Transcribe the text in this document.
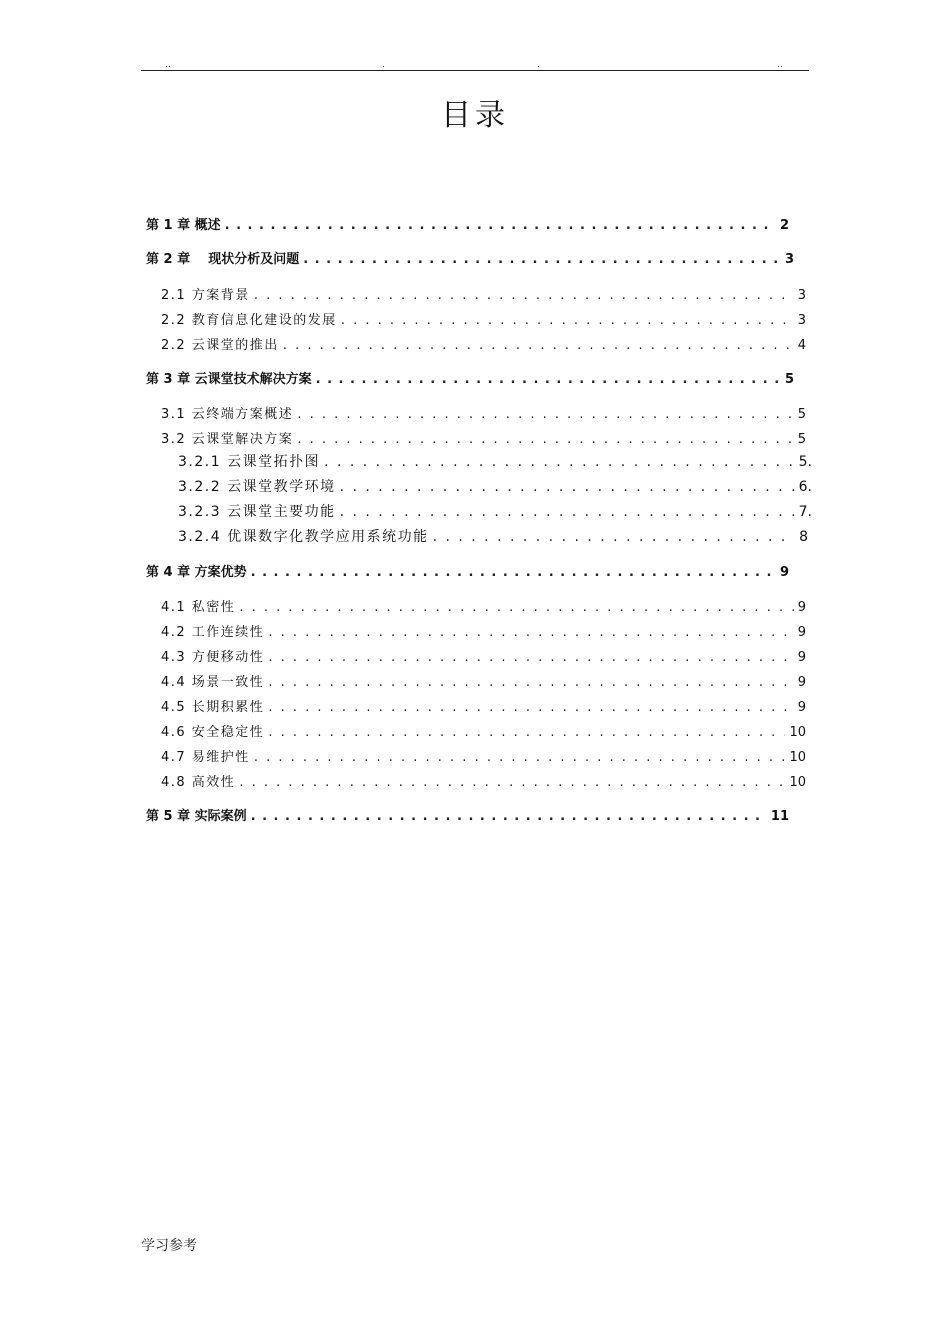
..	.	.	..
目录
第 1 章 概述 . . .	2
第 2 章    现状分析及问题 . . .	3
2.1 方案背景 . . .	3
2.2 教育信息化建设的发展 . . .	3
2.2 云课堂的推出 . . .	4
第 3 章 云课堂技术解决方案 . . .	5
3.1 云终端方案概述 . . .	5
3.2 云课堂解决方案 . . .	5
3.2.1 云课堂拓扑图 . . .	5.
3.2.2 云课堂教学环境 . . .	6.
3.2.3 云课堂主要功能 . . .	7.
3.2.4 优课数字化教学应用系统功能 . . .	8
第 4 章 方案优势 . . .	9
4.1 私密性 . . .	9
4.2 工作连续性 . . .	9
4.3 方便移动性 . . .	9
4.4 场景一致性 . . .	9
4.5 长期积累性 . . .	9
4.6 安全稳定性 . . .	10
4.7 易维护性 . . .	10
4.8 高效性 . . .	10
第 5 章 实际案例 . . .	11
学习参考
